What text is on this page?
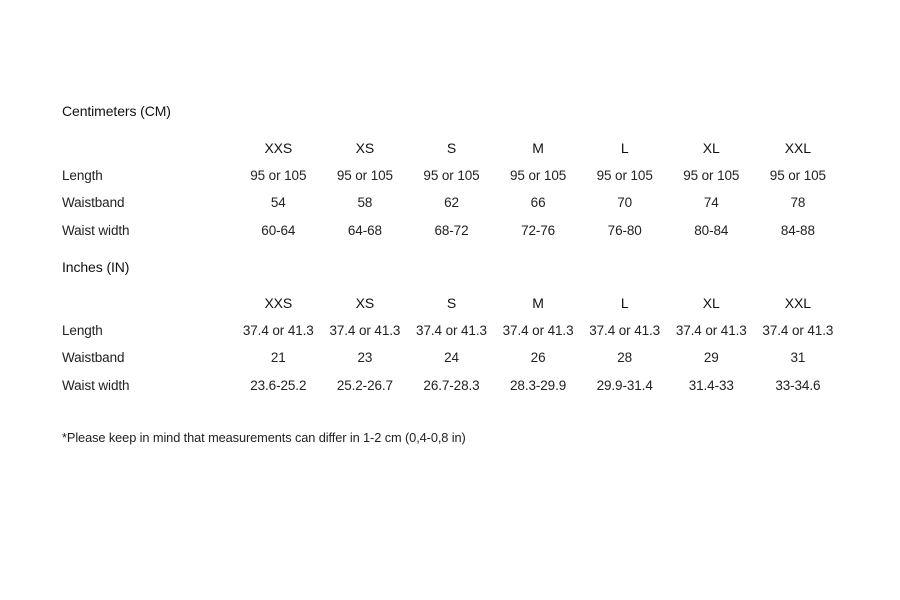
Centimeters (CM)
	XXS	XS	S	M	L	XL	XXL
Length	95 or 105	95 or 105	95 or 105	95 or 105	95 or 105	95 or 105	95 or 105
Waistband	54	58	62	66	70	74	78
Waist width	60-64	64-68	68-72	72-76	76-80	80-84	84-88
Inches (IN)
	XXS	XS	S	M	L	XL	XXL
Length	37.4 or 41.3	37.4 or 41.3	37.4 or 41.3	37.4 or 41.3	37.4 or 41.3	37.4 or 41.3	37.4 or 41.3
Waistband	21	23	24	26	28	29	31
Waist width	23.6-25.2	25.2-26.7	26.7-28.3	28.3-29.9	29.9-31.4	31.4-33	33-34.6
*Please keep in mind that measurements can differ in 1-2 cm (0,4-0,8 in)
